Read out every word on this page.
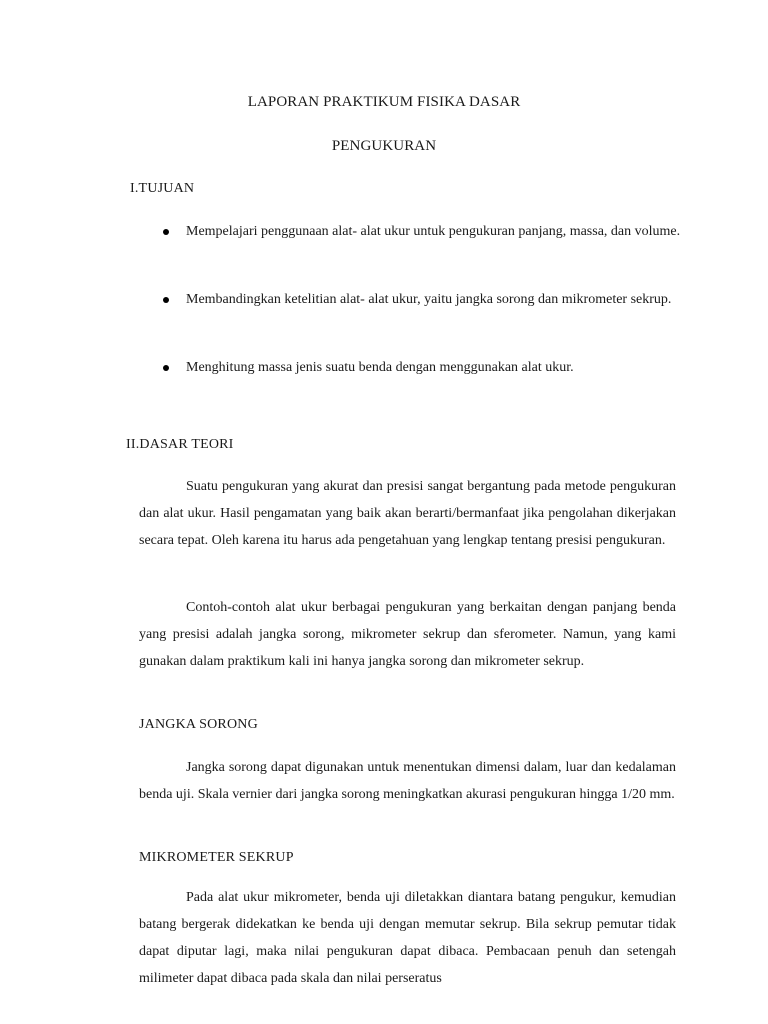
LAPORAN PRAKTIKUM FISIKA DASAR
PENGUKURAN
I.TUJUAN
Mempelajari penggunaan alat- alat ukur untuk pengukuran panjang, massa, dan volume.
Membandingkan ketelitian alat- alat ukur, yaitu jangka sorong dan mikrometer sekrup.
Menghitung massa jenis suatu benda dengan menggunakan alat ukur.
II.DASAR TEORI

Suatu pengukuran yang akurat dan presisi sangat bergantung pada metode pengukuran dan alat ukur. Hasil pengamatan yang baik akan berarti/bermanfaat jika pengolahan dikerjakan secara tepat. Oleh karena itu harus ada pengetahuan yang lengkap tentang presisi pengukuran.

Contoh-contoh alat ukur berbagai pengukuran yang berkaitan dengan panjang benda yang presisi adalah jangka sorong, mikrometer sekrup dan sferometer. Namun, yang kami gunakan dalam praktikum kali ini hanya jangka sorong dan mikrometer sekrup.

JANGKA SORONG

Jangka sorong dapat digunakan untuk menentukan dimensi dalam, luar dan kedalaman benda uji. Skala vernier dari jangka sorong meningkatkan akurasi pengukuran hingga 1/20 mm.

MIKROMETER SEKRUP

Pada alat ukur mikrometer, benda uji diletakkan diantara batang pengukur, kemudian batang bergerak didekatkan ke benda uji dengan memutar sekrup. Bila sekrup pemutar tidak dapat diputar lagi, maka nilai pengukuran dapat dibaca. Pembacaan penuh dan setengah milimeter dapat dibaca pada skala dan nilai perseratus
